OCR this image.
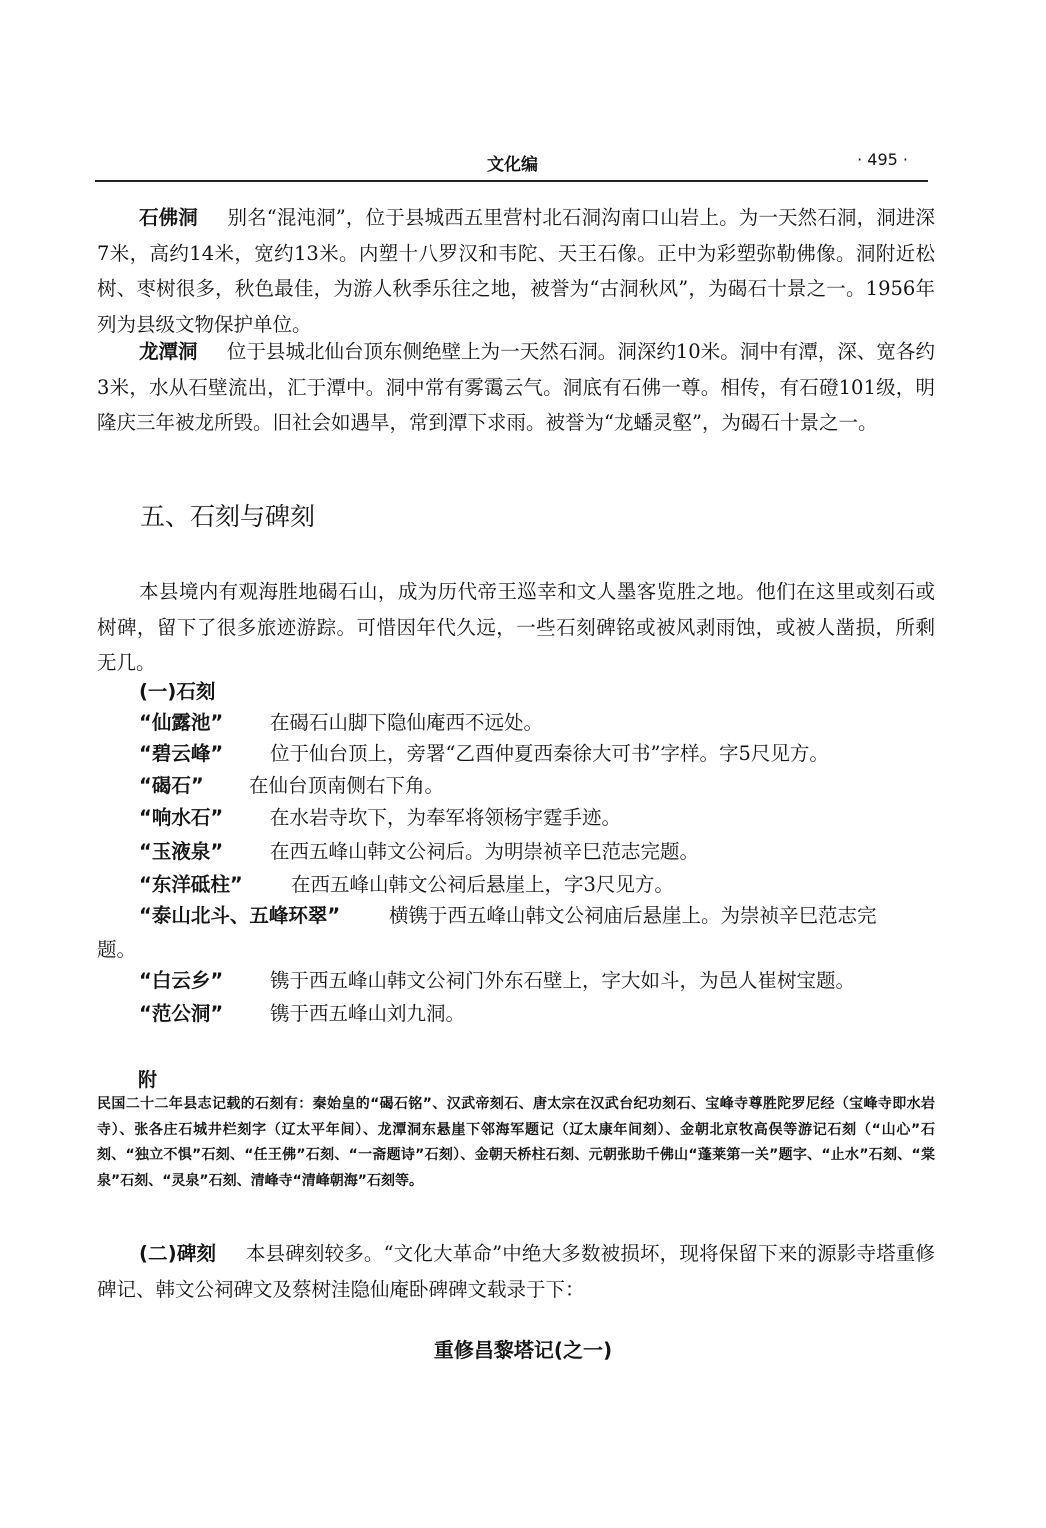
文化编	· 495 ·

石佛洞　  别名“混沌洞”，位于县城西五里营村北石洞沟南口山岩上。为一天然石洞，洞进深7米，高约14米，宽约13米。内塑十八罗汉和韦陀、天王石像。正中为彩塑弥勒佛像。洞附近松树、枣树很多，秋色最佳，为游人秋季乐往之地，被誉为“古洞秋风”，为碣石十景之一。1956年列为县级文物保护单位。

龙潭洞　  位于县城北仙台顶东侧绝壁上为一天然石洞。洞深约10米。洞中有潭，深、宽各约3米，水从石壁流出，汇于潭中。洞中常有雾霭云气。洞底有石佛一尊。相传，有石磴101级，明隆庆三年被龙所毁。旧社会如遇旱，常到潭下求雨。被誉为“龙蟠灵壑”，为碣石十景之一。

五、石刻与碑刻

本县境内有观海胜地碣石山，成为历代帝王巡幸和文人墨客览胜之地。他们在这里或刻石或树碑，留下了很多旅迹游踪。可惜因年代久远，一些石刻碑铭或被风剥雨蚀，或被人凿损，所剩无几。

(一)石刻
“仙露池” 在碣石山脚下隐仙庵西不远处。
“碧云峰” 位于仙台顶上，旁署“乙酉仲夏西秦徐大可书”字样。字5尺见方。
“碣石” 在仙台顶南侧右下角。
“响水石” 在水岩寺坎下，为奉军将领杨宇霆手迹。
“玉液泉” 在西五峰山韩文公祠后。为明崇祯辛巳范志完题。
“东洋砥柱” 在西五峰山韩文公祠后悬崖上，字3尺见方。
“泰山北斗、五峰环翠”	横镌于西五峰山韩文公祠庙后悬崖上。为崇祯辛巳范志完
题。
“白云乡” 镌于西五峰山韩文公祠门外东石壁上，字大如斗，为邑人崔树宝题。
“范公洞” 镌于西五峰山刘九洞。
附

民国二十二年县志记载的石刻有：秦始皇的“碣石铭”、汉武帝刻石、唐太宗在汉武台纪功刻石、宝峰寺尊胜陀罗尼经（宝峰寺即水岩寺）、张各庄石城井栏刻字（辽太平年间）、龙潭洞东悬崖下邻海军题记（辽太康年间刻）、金朝北京牧高俣等游记石刻（“山心”石刻、“独立不惧”石刻、“任王佛”石刻、“一斋题诗”石刻）、金朝天桥柱石刻、元朝张助千佛山“蓬莱第一关”题字、“止水”石刻、“棠泉”石刻、“灵泉”石刻、清峰寺“清峰朝海”石刻等。

(二)碑刻　  本县碑刻较多。“文化大革命”中绝大多数被损坏，现将保留下来的源影寺塔重修碑记、韩文公祠碑文及蔡树洼隐仙庵卧碑碑文载录于下：

重修昌黎塔记(之一)
